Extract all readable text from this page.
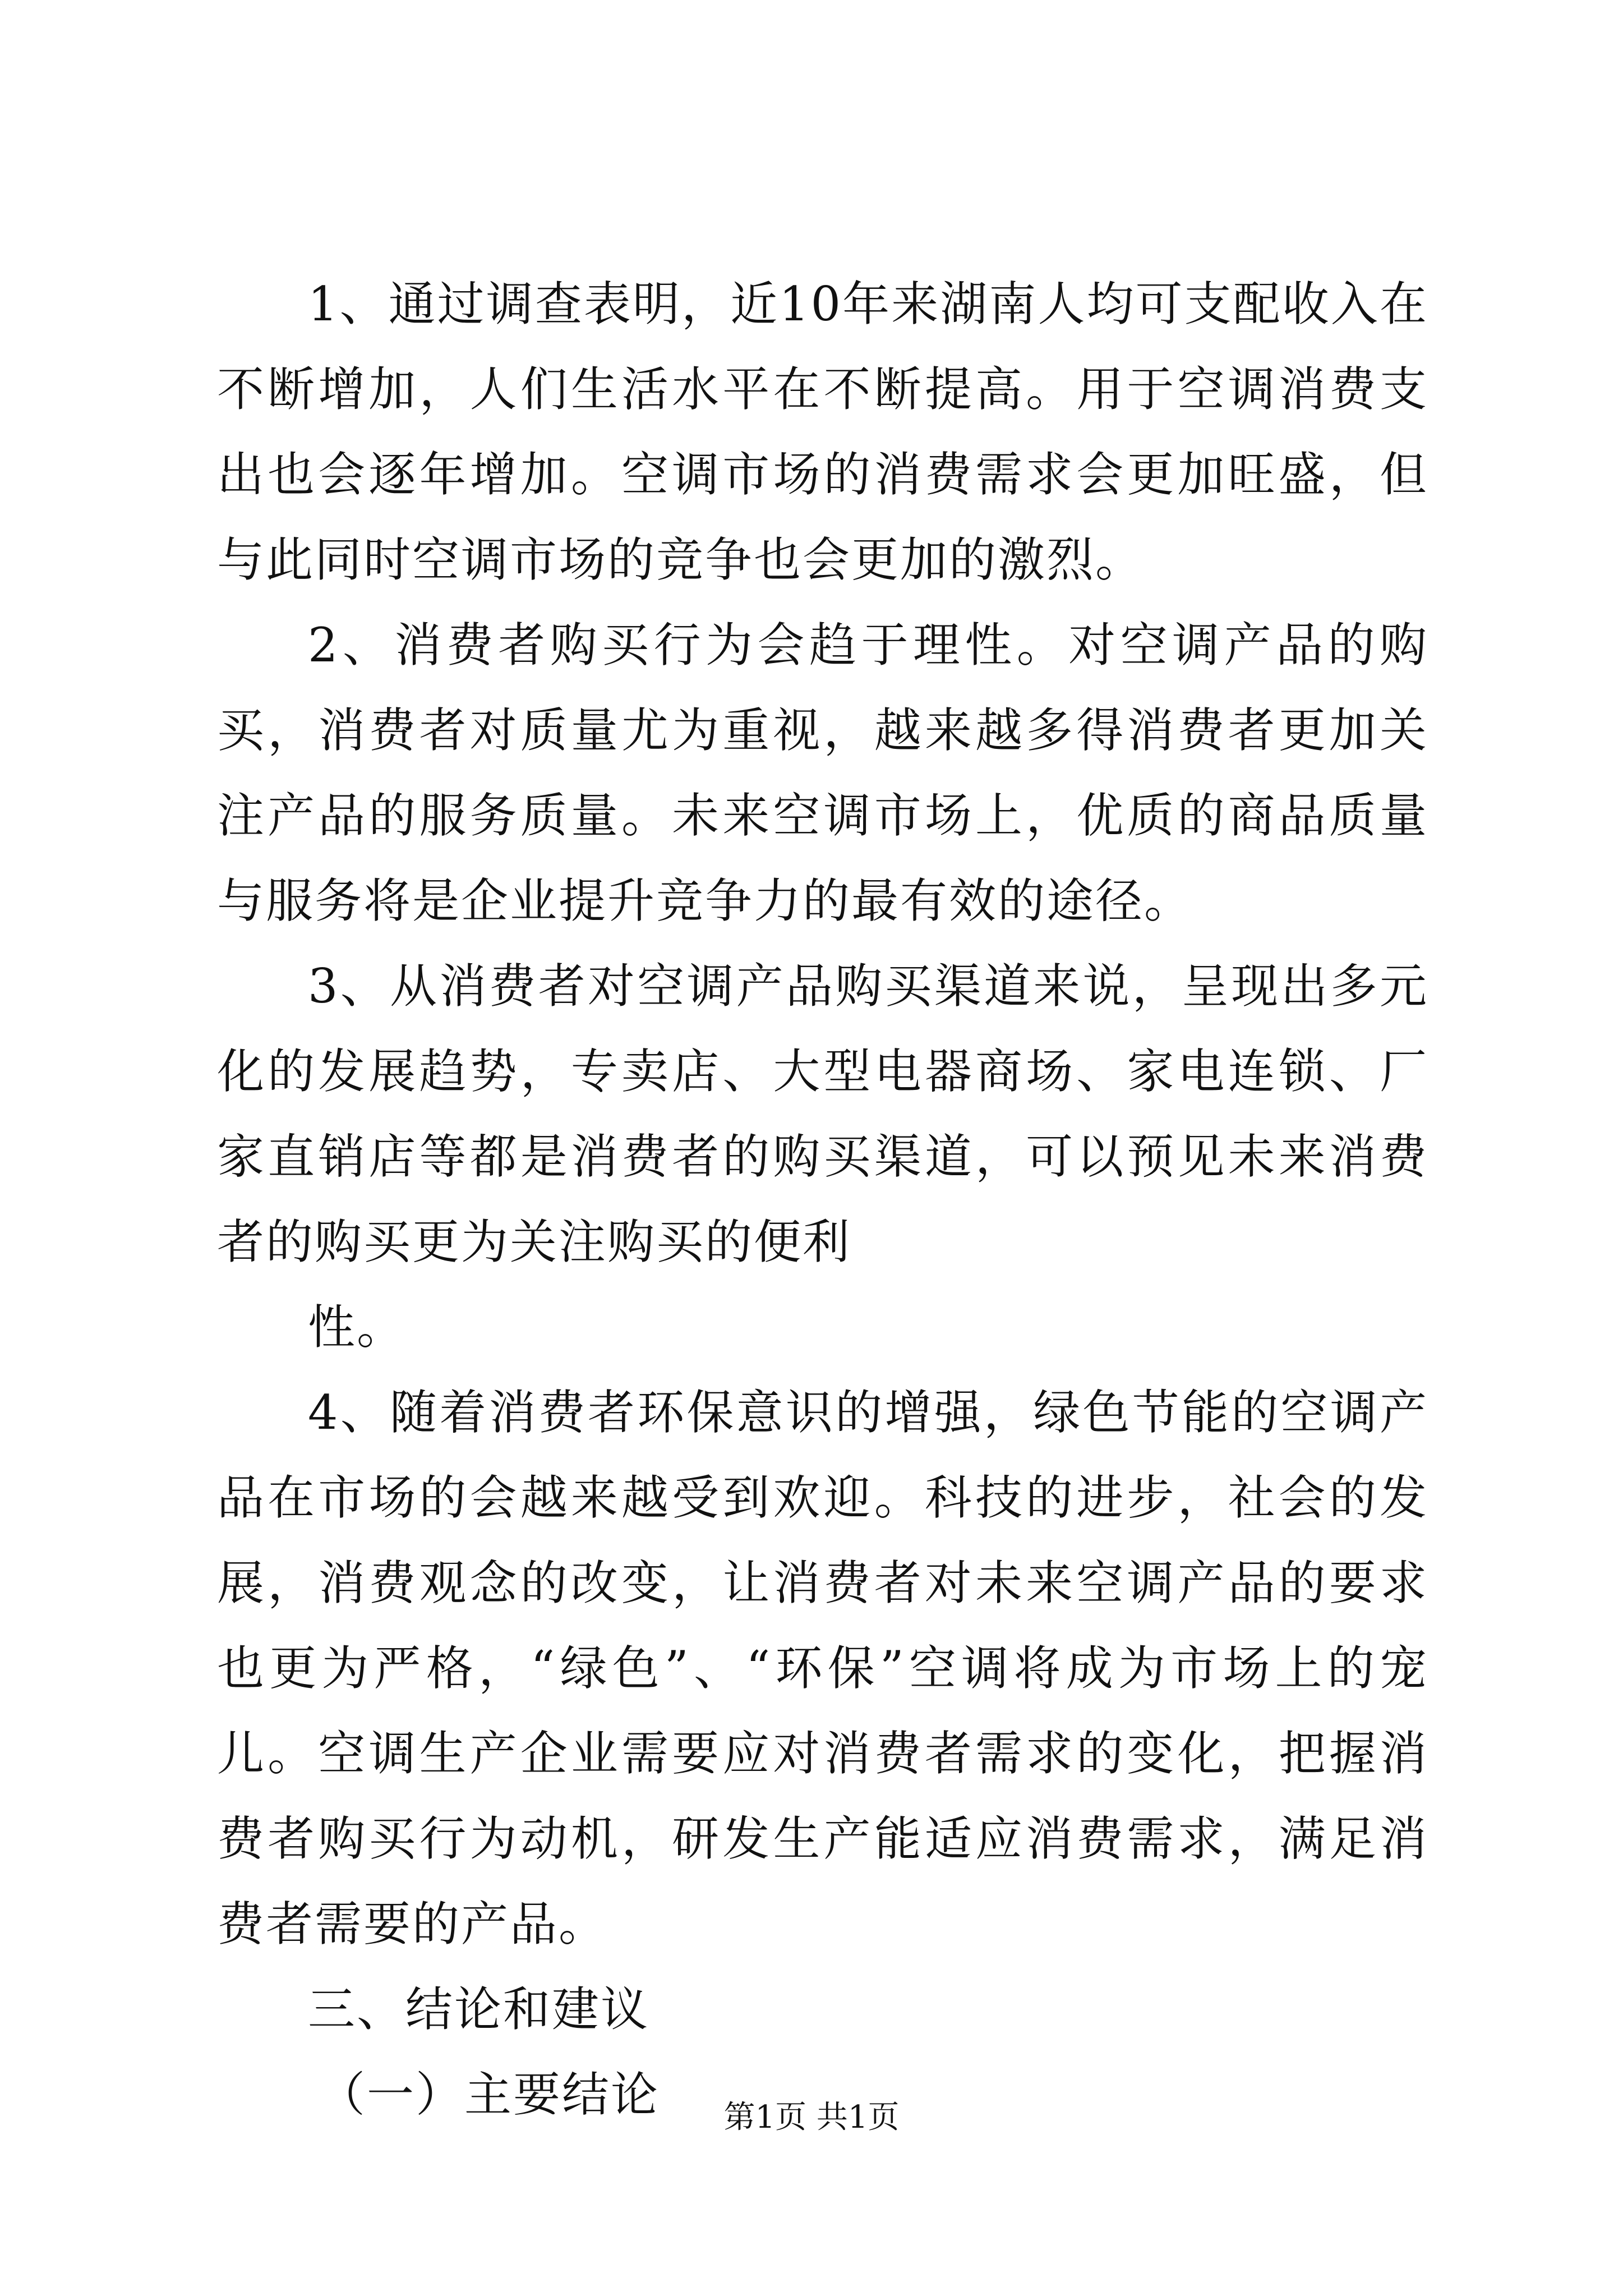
1、通过调查表明，近10年来湖南人均可支配收入在不断增加，人们生活水平在不断提高。用于空调消费支出也会逐年增加。空调市场的消费需求会更加旺盛，但与此同时空调市场的竞争也会更加的激烈。

2、消费者购买行为会趋于理性。对空调产品的购买，消费者对质量尤为重视，越来越多得消费者更加关注产品的服务质量。未来空调市场上，优质的商品质量与服务将是企业提升竞争力的最有效的途径。

3、从消费者对空调产品购买渠道来说，呈现出多元化的发展趋势，专卖店、大型电器商场、家电连锁、厂家直销店等都是消费者的购买渠道，可以预见未来消费者的购买更为关注购买的便利

性。

4、随着消费者环保意识的增强，绿色节能的空调产品在市场的会越来越受到欢迎。科技的进步，社会的发展，消费观念的改变，让消费者对未来空调产品的要求也更为严格，“绿色”、“环保”空调将成为市场上的宠儿。空调生产企业需要应对消费者需求的变化，把握消费者购买行为动机，研发生产能适应消费需求，满足消费者需要的产品。

三、结论和建议

（一）主要结论	第1页 共1页
